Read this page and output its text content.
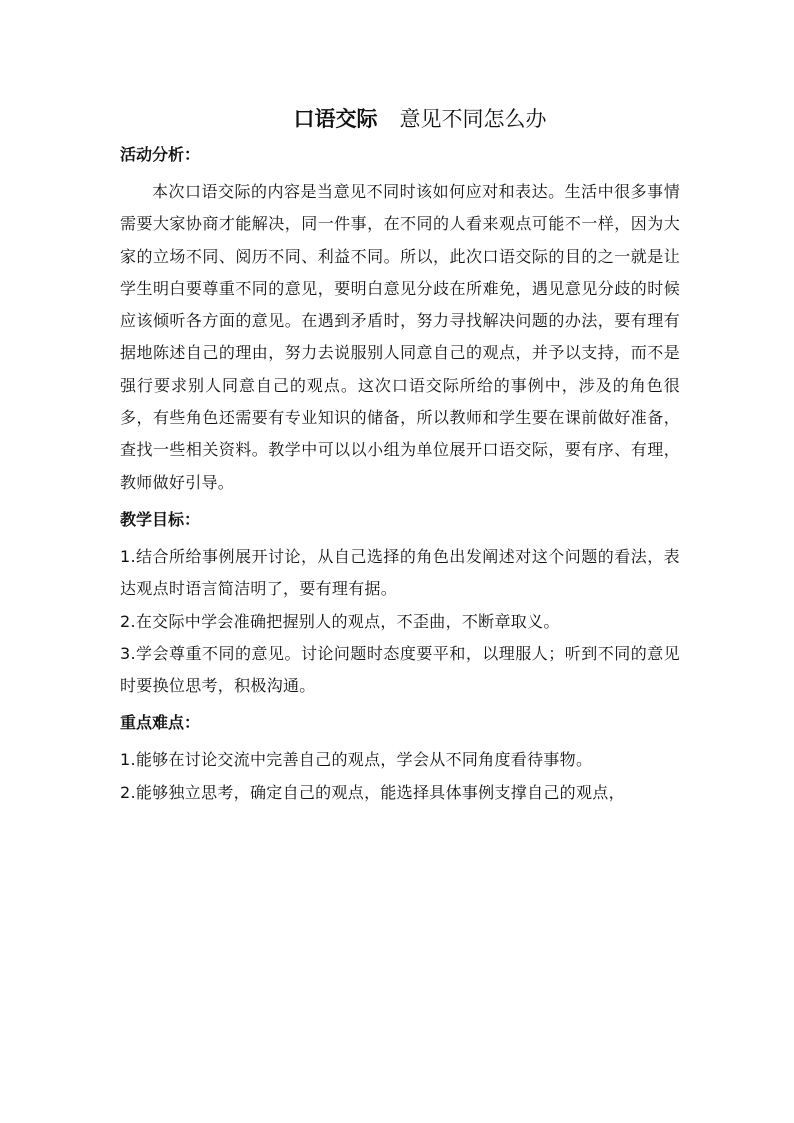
口语交际 意见不同怎么办

活动分析：

本次口语交际的内容是当意见不同时该如何应对和表达。生活中很多事情需要大家协商才能解决，同一件事，在不同的人看来观点可能不一样，因为大家的立场不同、阅历不同、利益不同。所以，此次口语交际的目的之一就是让学生明白要尊重不同的意见，要明白意见分歧在所难免，遇见意见分歧的时候应该倾听各方面的意见。在遇到矛盾时，努力寻找解决问题的办法，要有理有据地陈述自己的理由，努力去说服别人同意自己的观点，并予以支持，而不是强行要求别人同意自己的观点。这次口语交际所给的事例中，涉及的角色很多，有些角色还需要有专业知识的储备，所以教师和学生要在课前做好准备，查找一些相关资料。教学中可以以小组为单位展开口语交际，要有序、有理，教师做好引导。

教学目标：

1.结合所给事例展开讨论，从自己选择的角色出发阐述对这个问题的看法，表达观点时语言简洁明了，要有理有据。

2.在交际中学会准确把握别人的观点，不歪曲，不断章取义。

3.学会尊重不同的意见。讨论问题时态度要平和，以理服人；听到不同的意见时要换位思考，积极沟通。

重点难点：

1.能够在讨论交流中完善自己的观点，学会从不同角度看待事物。

2.能够独立思考，确定自己的观点，能选择具体事例支撑自己的观点，
